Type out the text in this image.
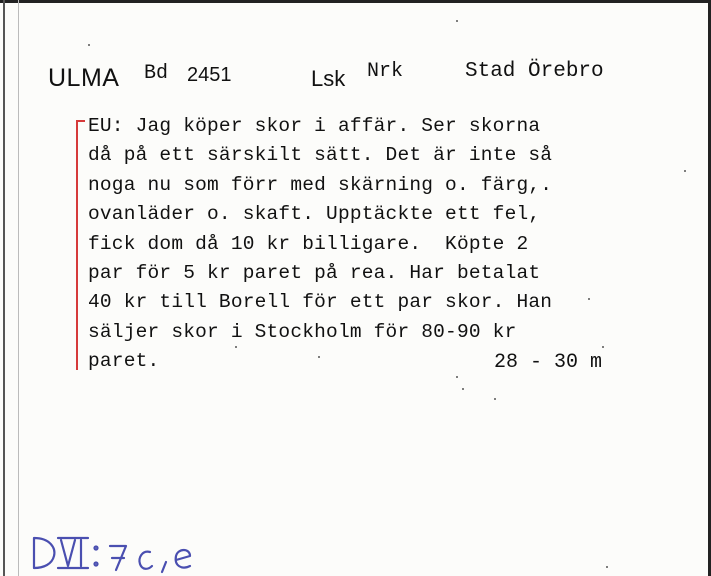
ULMA Bd 2451	Lsk Nrk	Stad Örebro
EU: Jag köper skor i affär. Ser skorna
då på ett särskilt sätt. Det är inte så
noga nu som förr med skärning o. färg,.
ovanläder o. skaft. Upptäckte ett fel,
fick dom då 10 kr billigare.  Köpte 2
par för 5 kr paret på rea. Har betalat
40 kr till Borell för ett par skor. Han
säljer skor i Stockholm för 80-90 kr
paret.	28 - 30 m
